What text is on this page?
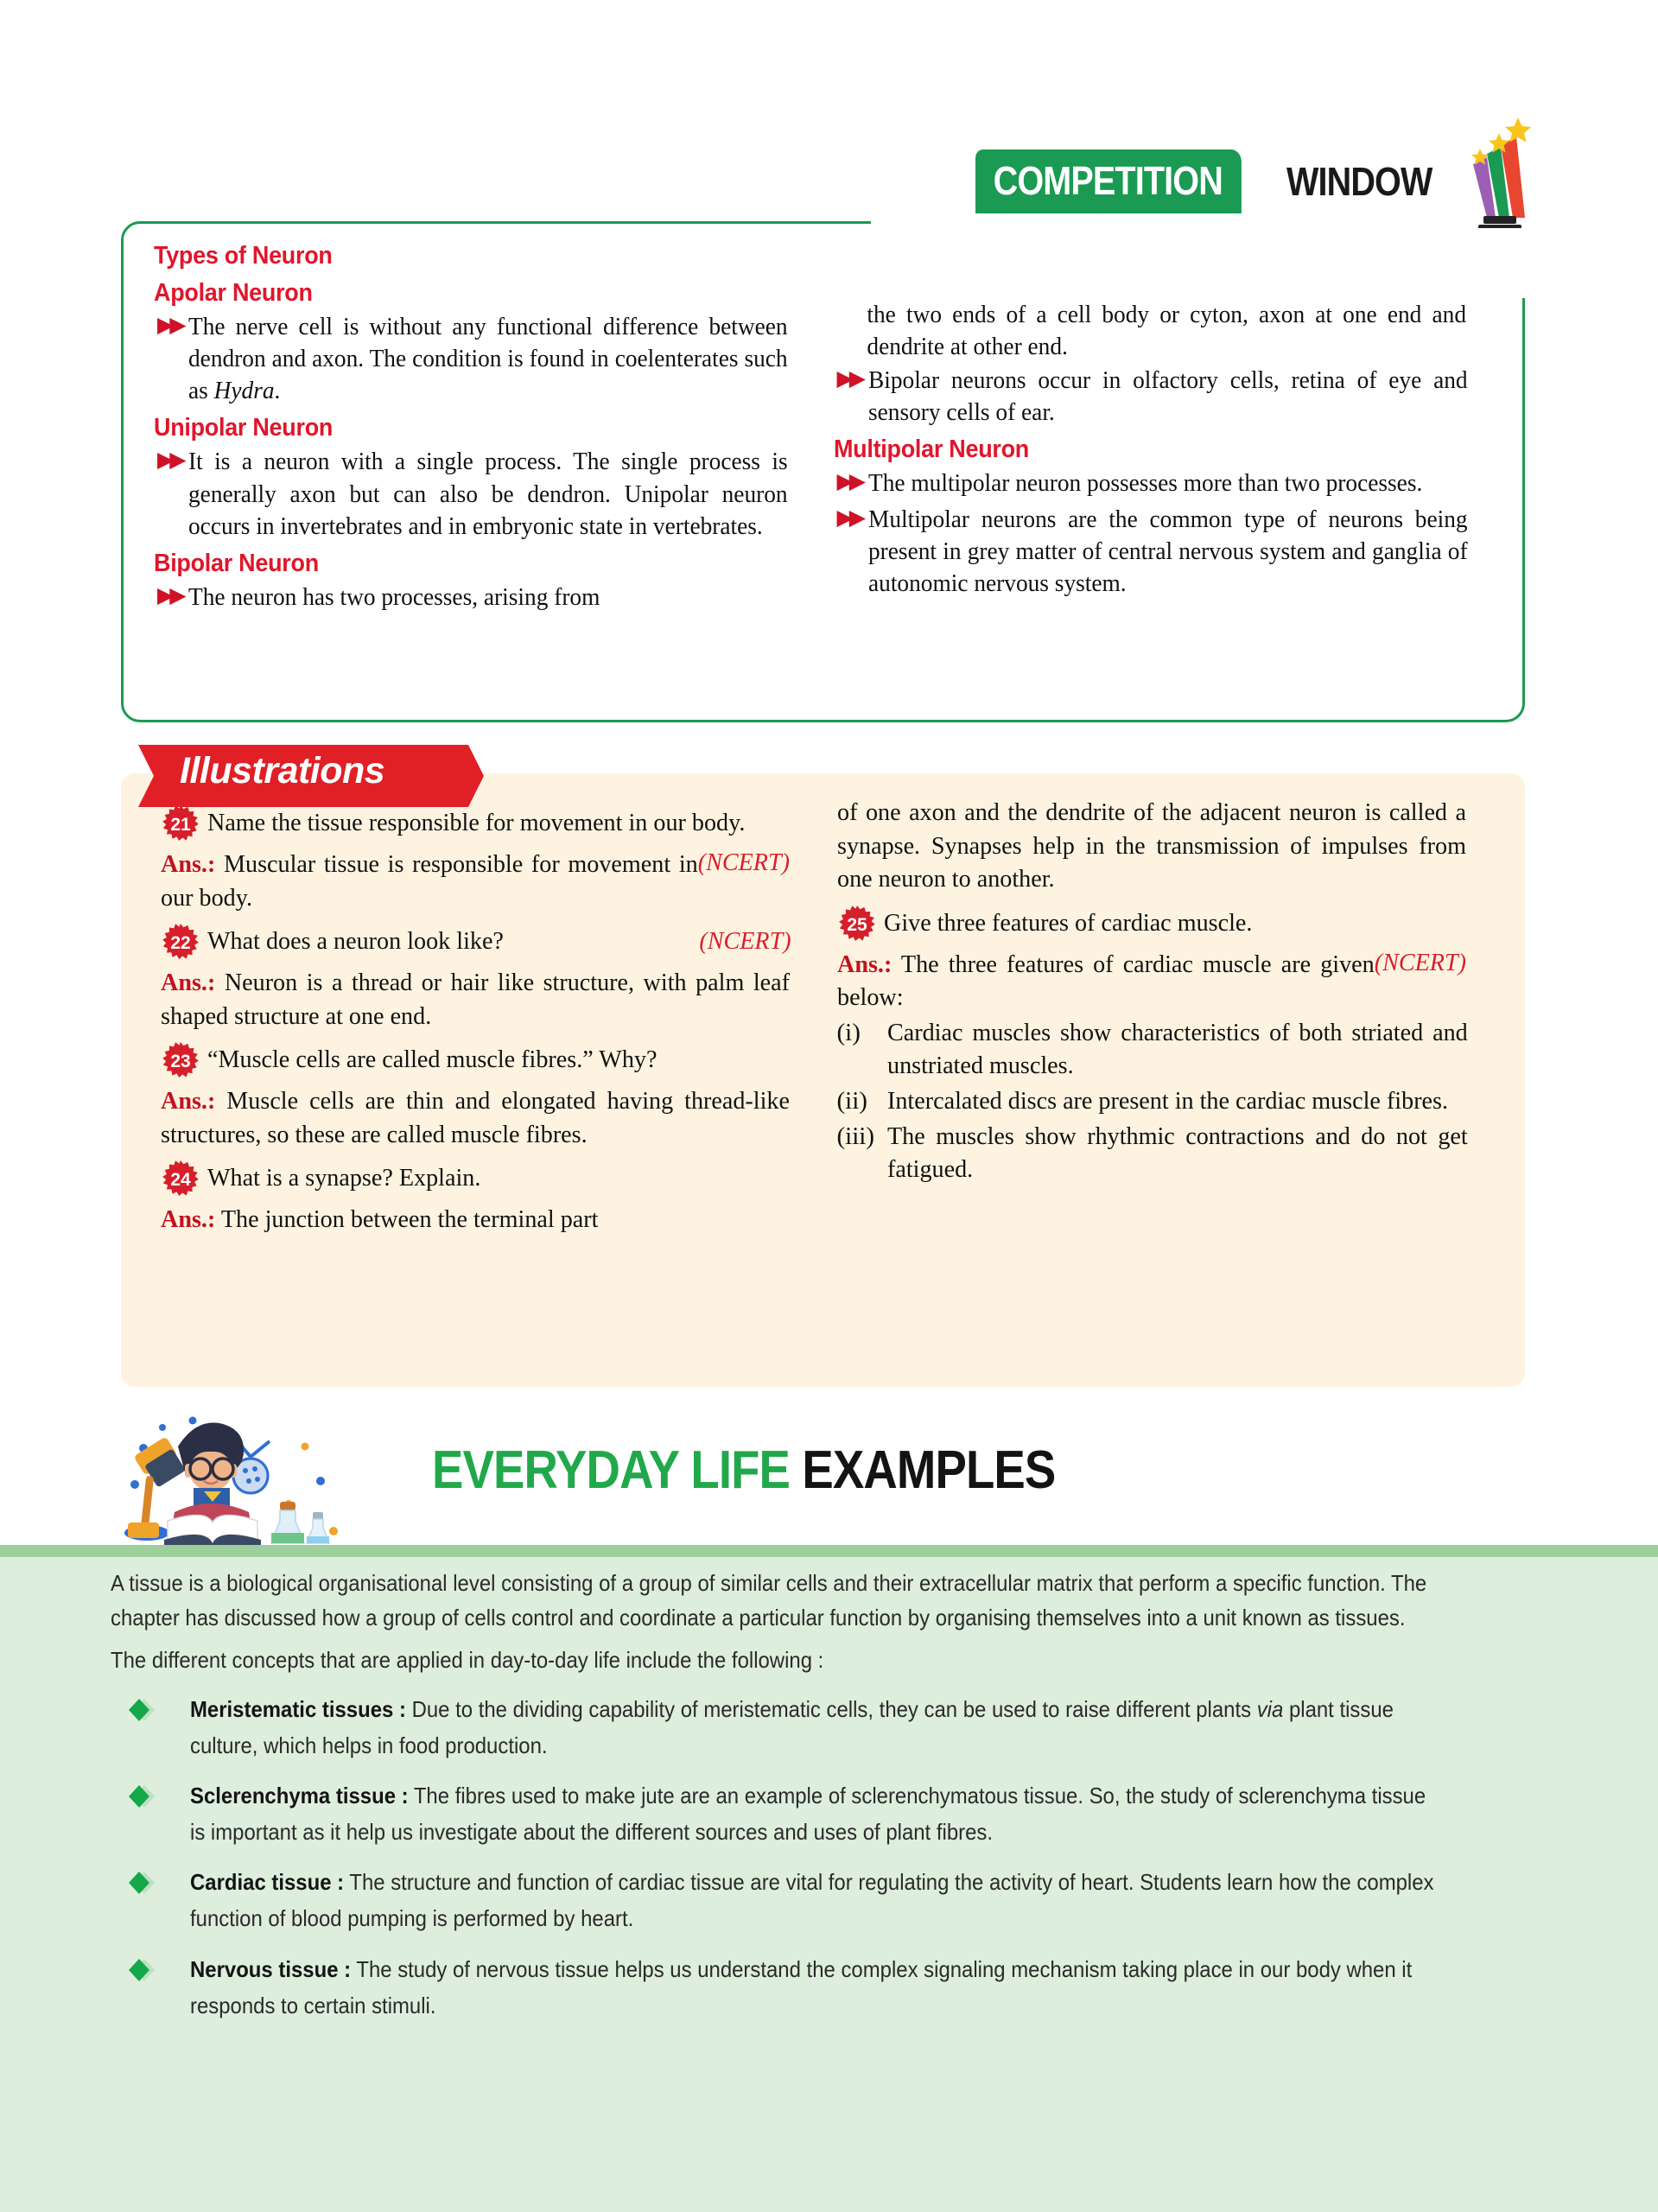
COMPETITION	WINDOW
Types of Neuron
Apolar Neuron
▶▶ The nerve cell is without any functional difference between dendron and axon. The condition is found in coelenterates such as Hydra.
Unipolar Neuron
▶▶ It is a neuron with a single process. The single process is generally axon but can also be dendron. Unipolar neuron occurs in invertebrates and in embryonic state in vertebrates.
Bipolar Neuron
▶▶ The neuron has two processes, arising from
the two ends of a cell body or cyton, axon at one end and dendrite at other end.
▶▶ Bipolar neurons occur in olfactory cells, retina of eye and sensory cells of ear.
Multipolar Neuron
▶▶ The multipolar neuron possesses more than two processes.
▶▶ Multipolar neurons are the common type of neurons being present in grey matter of central nervous system and ganglia of autonomic nervous system.
Illustrations
21 Name the tissue responsible for movement in our body.
(NCERT)
Ans.: Muscular tissue is responsible for movement in our body.
22 What does a neuron look like?	(NCERT)
Ans.: Neuron is a thread or hair like structure, with palm leaf shaped structure at one end.
23 “Muscle cells are called muscle fibres.” Why?
Ans.: Muscle cells are thin and elongated having thread-like structures, so these are called muscle fibres.
24 What is a synapse? Explain.
Ans.: The junction between the terminal part
of one axon and the dendrite of the adjacent neuron is called a synapse. Synapses help in the transmission of impulses from one neuron to another.
25 Give three features of cardiac muscle.
(NCERT)
Ans.: The three features of cardiac muscle are given below:
(i)	Cardiac muscles show characteristics of both striated and unstriated muscles.
(ii) Intercalated discs are present in the cardiac muscle fibres.
(iii) The muscles show rhythmic contractions and do not get fatigued.
EVERYDAY LIFE EXAMPLES
A tissue is a biological organisational level consisting of a group of similar cells and their extracellular matrix that perform a specific function. The chapter has discussed how a group of cells control and coordinate a particular function by organising themselves into a unit known as tissues.
The different concepts that are applied in day-to-day life include the following :
Meristematic tissues : Due to the dividing capability of meristematic cells, they can be used to raise different plants via plant tissue culture, which helps in food production.
Sclerenchyma tissue : The fibres used to make jute are an example of sclerenchymatous tissue. So, the study of sclerenchyma tissue is important as it help us investigate about the different sources and uses of plant fibres.
Cardiac tissue : The structure and function of cardiac tissue are vital for regulating the activity of heart. Students learn how the complex function of blood pumping is performed by heart.
Nervous tissue : The study of nervous tissue helps us understand the complex signaling mechanism taking place in our body when it responds to certain stimuli.
